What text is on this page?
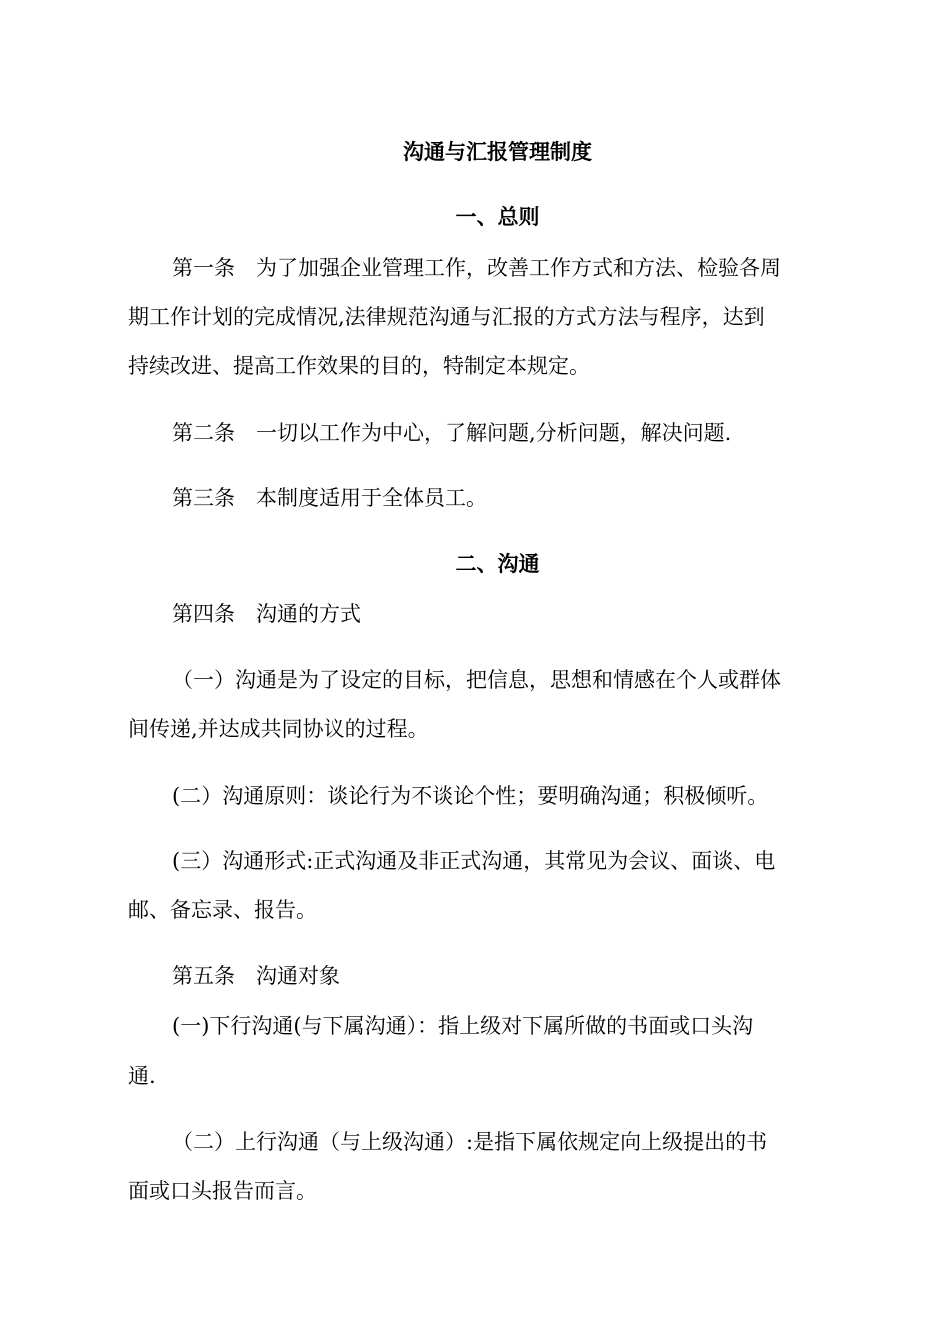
沟通与汇报管理制度
一、总则
第一条　为了加强企业管理工作，改善工作方式和方法、检验各周
期工作计划的完成情况,法律规范沟通与汇报的方式方法与程序，达到
持续改进、提高工作效果的目的，特制定本规定。
第二条　一切以工作为中心，了解问题,分析问题，解决问题.
第三条　本制度适用于全体员工。
二、沟通
第四条　沟通的方式
（一）沟通是为了设定的目标，把信息，思想和情感在个人或群体
间传递,并达成共同协议的过程。
(二）沟通原则：谈论行为不谈论个性；要明确沟通；积极倾听。
(三）沟通形式:正式沟通及非正式沟通，其常见为会议、面谈、电
邮、备忘录、报告。
第五条　沟通对象
(一)下行沟通(与下属沟通）：指上级对下属所做的书面或口头沟
通.
（二）上行沟通（与上级沟通）:是指下属依规定向上级提出的书
面或口头报告而言。
